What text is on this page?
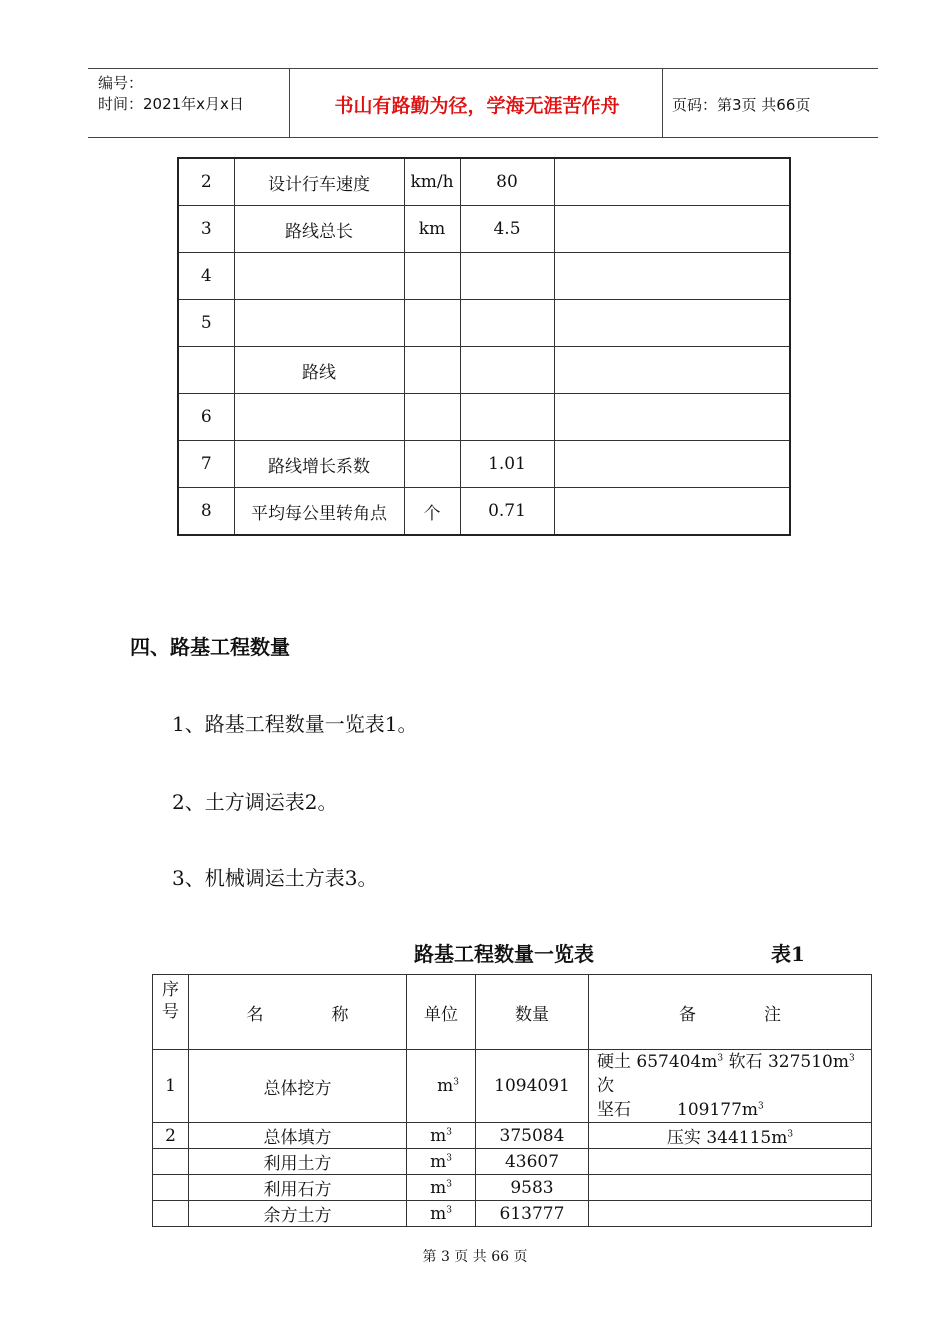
编号：
时间：2021年x月x日	书山有路勤为径，学海无涯苦作舟	页码：第3页 共66页
2	设计行车速度	km/h	80	
3	路线总长	km	4.5	
4				
5				
	路线			
6				
7	路线增长系数		1.01	
8	平均每公里转角点	个	0.71	
四、路基工程数量
1、路基工程数量一览表1。
2、土方调运表2。
3、机械调运土方表3。
路基工程数量一览表	表1
序号	名　　　　称	单位	数量	备　　　　注
1	总体挖方	$m^3$	1094091	硬土 $657404m^3$ 软石 $327510m^3$ 次
坚石 $109177m^3$
2	总体填方	$m^3$	375084	压实 $344115m^3$
	利用土方	$m^3$	43607	
	利用石方	$m^3$	9583	
	余方土方	$m^3$	613777	
第 3 页 共 66 页
